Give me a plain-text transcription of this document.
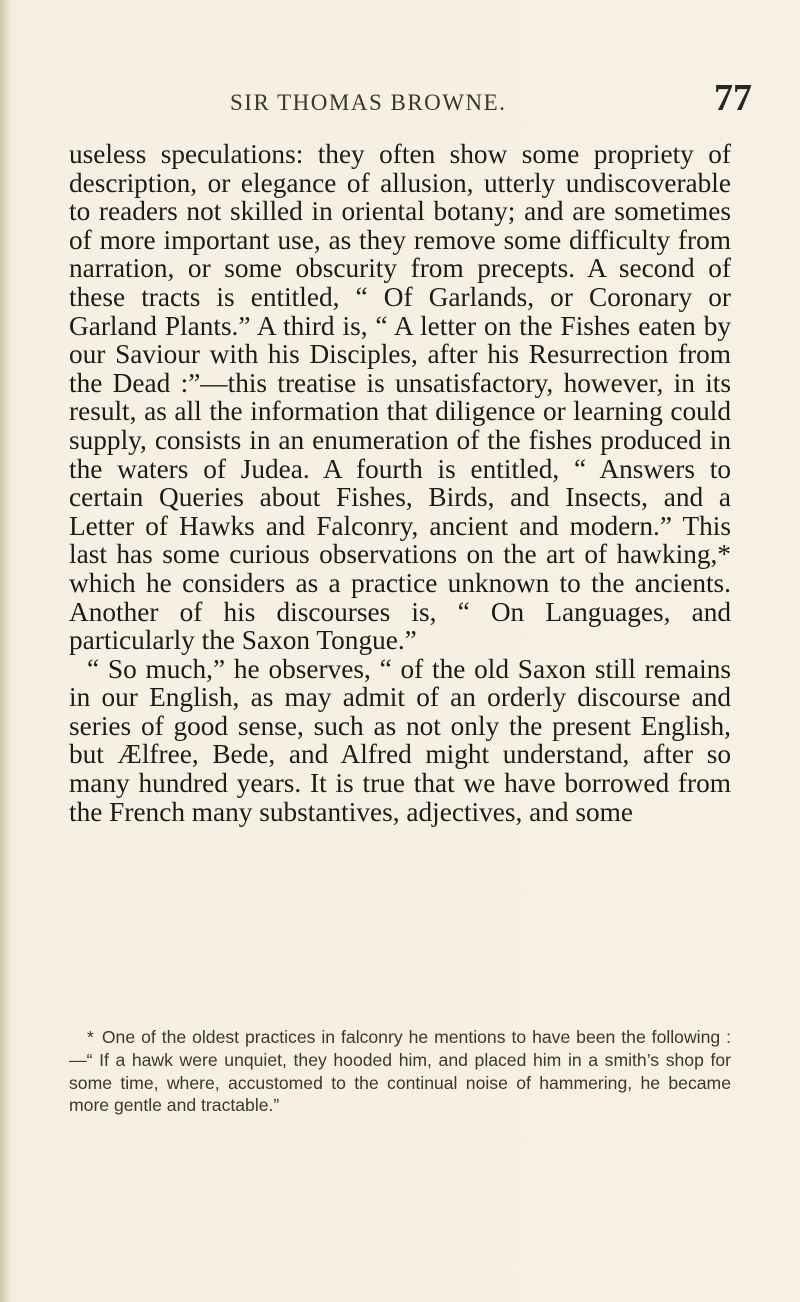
SIR THOMAS BROWNE.	77

useless speculations: they often show some propriety of description, or elegance of allusion, utterly undiscoverable to readers not skilled in oriental botany; and are sometimes of more important use, as they remove some difficulty from narration, or some obscurity from precepts. A second of these tracts is entitled, “ Of Garlands, or Coronary or Garland Plants.” A third is, “ A letter on the Fishes eaten by our Saviour with his Disciples, after his Resurrection from the Dead :”—this treatise is unsatisfactory, however, in its result, as all the information that diligence or learning could supply, consists in an enumeration of the fishes produced in the waters of Judea. A fourth is entitled, “ Answers to certain Queries about Fishes, Birds, and Insects, and a Letter of Hawks and Falconry, ancient and modern.” This last has some curious observations on the art of hawking,* which he considers as a practice unknown to the ancients. Another of his discourses is, “ On Languages, and particularly the Saxon Tongue.”

“ So much,” he observes, “ of the old Saxon still remains in our English, as may admit of an orderly discourse and series of good sense, such as not only the present English, but Ælfree, Bede, and Alfred might understand, after so many hundred years. It is true that we have borrowed from the French many substantives, adjectives, and some

* One of the oldest practices in falconry he mentions to have been the following : —“ If a hawk were unquiet, they hooded him, and placed him in a smith’s shop for some time, where, accustomed to the continual noise of hammering, he became more gentle and tractable.”
